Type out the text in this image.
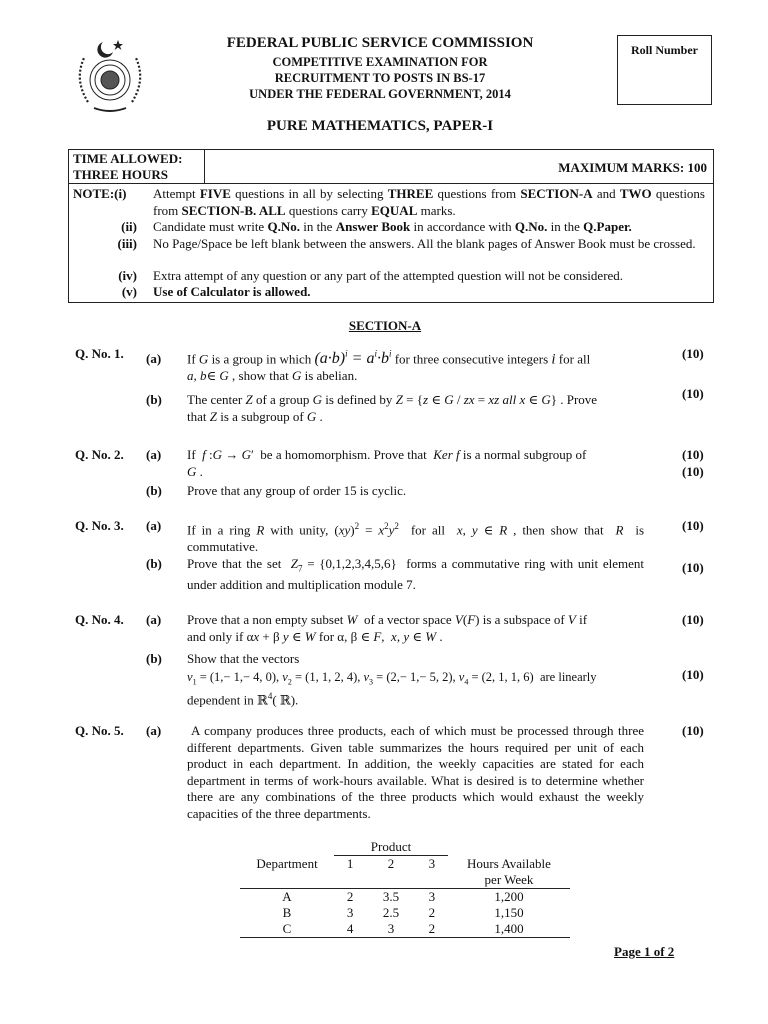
FEDERAL PUBLIC SERVICE COMMISSION
COMPETITIVE EXAMINATION FOR
RECRUITMENT TO POSTS IN BS-17
UNDER THE FEDERAL GOVERNMENT, 2014
Roll Number
PURE MATHEMATICS, PAPER-I
TIME ALLOWED:
THREE HOURS	MAXIMUM MARKS: 100
NOTE:(i)	Attempt FIVE questions in all by selecting THREE questions from SECTION-A and TWO questions from SECTION-B. ALL questions carry EQUAL marks.
(ii) Candidate must write Q.No. in the Answer Book in accordance with Q.No. in the Q.Paper.
(iii) No Page/Space be left blank between the answers. All the blank pages of Answer Book must be crossed.
(iv) Extra attempt of any question or any part of the attempted question will not be considered.
(v) Use of Calculator is allowed.
SECTION-A
Q. No. 1. (a) If G is a group in which $(a\cdot b)^i = a^i\cdot b^i$ for three consecutive integers i for all
a, b∈ G , show that G is abelian.
(10)
(b) The center Z of a group G is defined by Z = {z ∈ G / zx = xz all x ∈ G} . Prove
that Z is a subgroup of G .
(10)
Q. No. 2. (a) If  f :G → G′  be a homomorphism. Prove that  Ker f is a normal subgroup of
G .
(10)
(10)
(b) Prove that any group of order 15 is cyclic.
Q. No. 3. (a) If in a ring R with unity, $(xy)^2 = x^2y^2$  for all  x, y ∈ R , then show that  R  is commutative.
(10)
(b) Prove that the set  $Z_7 = \{0,1,2,3,4,5,6\}$  forms a commutative ring with unit element under addition and multiplication module 7.
(10)
Q. No. 4. (a) Prove that a non empty subset W  of a vector space V(F) is a subspace of V if
and only if αx + β y ∈ W for α, β ∈ F,  x, y ∈ W .
(10)
(b) Show that the vectors
$v_1 = (1,- 1,- 4$, 0), $v_2 = (1$, 1, 2, 4), $v_3 = (2,- 1,- 5$, 2), $v_4 = (2$, 1, 1, 6)  are linearly
dependent in ℝ$^4$( ℝ).
(10)
Q. No. 5. (a)	A company produces three products, each of which must be processed through three different departments. Given table summarizes the hours required per unit of each product in each department. In addition, the weekly capacities are stated for each department in terms of work-hours available. What is desired is to determine whether there are any combinations of the three products which would exhaust the weekly capacities of the three departments.
(10)
	Product			
Department	1	2	3	Hours Available
				per Week
A	2	3.5	3	1,200
B	3	2.5	2	1,150
C	4	3	2	1,400
Page 1 of 2
